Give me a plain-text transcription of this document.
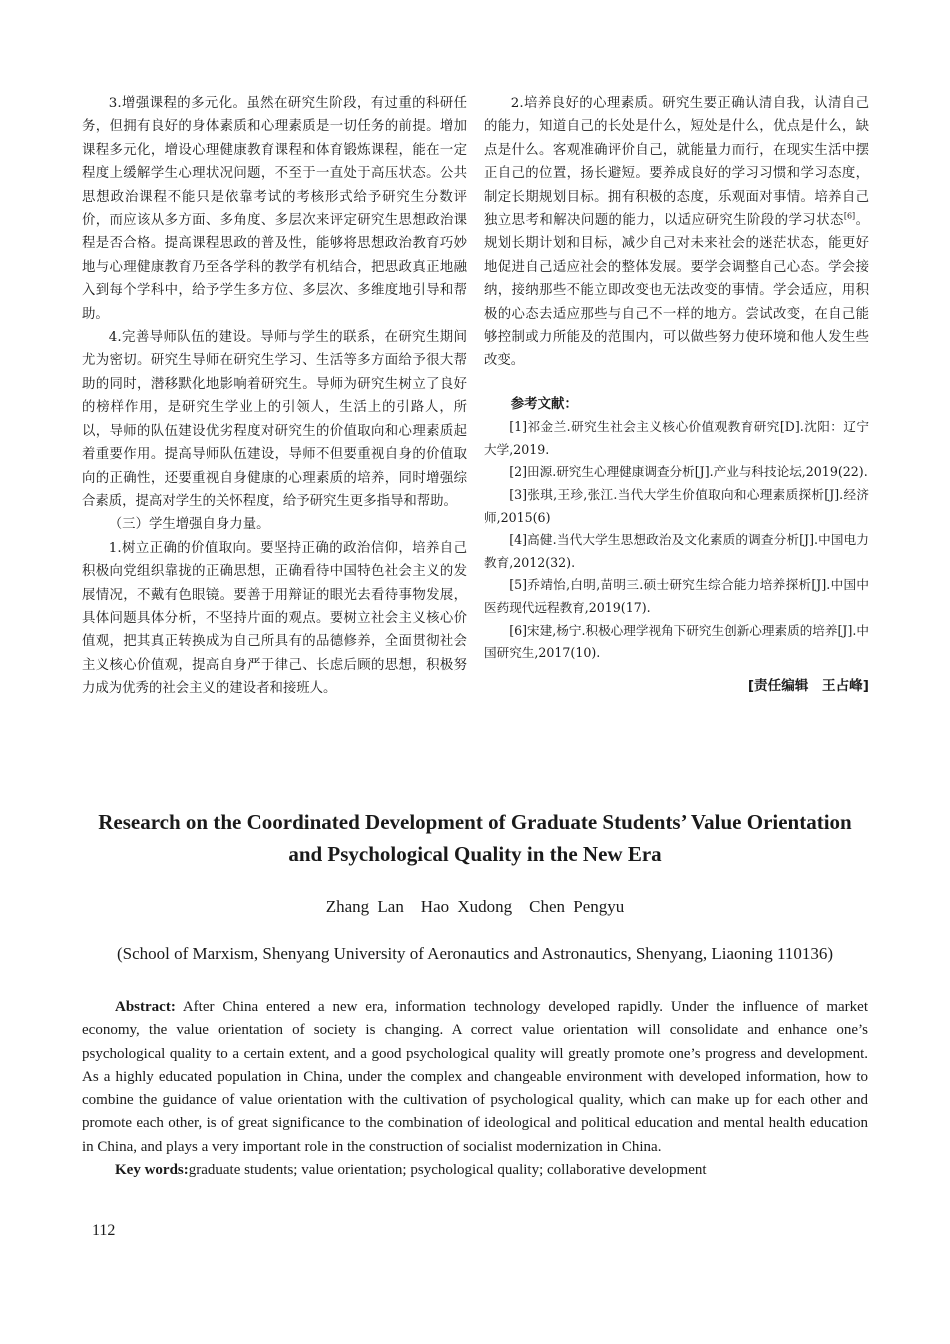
3.增强课程的多元化。虽然在研究生阶段，有过重的科研任务，但拥有良好的身体素质和心理素质是一切任务的前提。增加课程多元化，增设心理健康教育课程和体育锻炼课程，能在一定程度上缓解学生心理状况问题，不至于一直处于高压状态。公共思想政治课程不能只是依靠考试的考核形式给予研究生分数评价，而应该从多方面、多角度、多层次来评定研究生思想政治课程是否合格。提高课程思政的普及性，能够将思想政治教育巧妙地与心理健康教育乃至各学科的教学有机结合，把思政真正地融入到每个学科中，给予学生多方位、多层次、多维度地引导和帮助。

4.完善导师队伍的建设。导师与学生的联系，在研究生期间尤为密切。研究生导师在研究生学习、生活等多方面给予很大帮助的同时，潜移默化地影响着研究生。导师为研究生树立了良好的榜样作用，是研究生学业上的引领人，生活上的引路人，所以，导师的队伍建设优劣程度对研究生的价值取向和心理素质起着重要作用。提高导师队伍建设，导师不但要重视自身的价值取向的正确性，还要重视自身健康的心理素质的培养，同时增强综合素质，提高对学生的关怀程度，给予研究生更多指导和帮助。

（三）学生增强自身力量。

1.树立正确的价值取向。要坚持正确的政治信仰，培养自己积极向党组织靠拢的正确思想，正确看待中国特色社会主义的发展情况，不戴有色眼镜。要善于用辩证的眼光去看待事物发展，具体问题具体分析，不坚持片面的观点。要树立社会主义核心价值观，把其真正转换成为自己所具有的品德修养，全面贯彻社会主义核心价值观，提高自身严于律己、长虑后顾的思想，积极努力成为优秀的社会主义的建设者和接班人。

2.培养良好的心理素质。研究生要正确认清自我，认清自己的能力，知道自己的长处是什么，短处是什么，优点是什么，缺点是什么。客观准确评价自己，就能量力而行，在现实生活中摆正自己的位置，扬长避短。要养成良好的学习习惯和学习态度，制定长期规划目标。拥有积极的态度，乐观面对事情。培养自己独立思考和解决问题的能力，以适应研究生阶段的学习状态[6]。规划长期计划和目标，减少自己对未来社会的迷茫状态，能更好地促进自己适应社会的整体发展。要学会调整自己心态。学会接纳，接纳那些不能立即改变也无法改变的事情。学会适应，用积极的心态去适应那些与自己不一样的地方。尝试改变，在自己能够控制或力所能及的范围内，可以做些努力使环境和他人发生些改变。

参考文献：

[1]祁金兰.研究生社会主义核心价值观教育研究[D].沈阳：辽宁大学,2019.

[2]田源.研究生心理健康调查分析[J].产业与科技论坛,2019(22).

[3]张琪,王珍,张江.当代大学生价值取向和心理素质探析[J].经济师,2015(6)

[4]高健.当代大学生思想政治及文化素质的调查分析[J].中国电力教育,2012(32).

[5]乔靖怡,白明,苗明三.硕士研究生综合能力培养探析[J].中国中医药现代远程教育,2019(17).

[6]宋建,杨宁.积极心理学视角下研究生创新心理素质的培养[J].中国研究生,2017(10).

[责任编辑　王占峰]
Research on the Coordinated Development of Graduate Students’ Value Orientation
and Psychological Quality in the New Era
Zhang Lan　Hao Xudong　Chen Pengyu
(School of Marxism, Shenyang University of Aeronautics and Astronautics, Shenyang, Liaoning 110136)

Abstract: After China entered a new era, information technology developed rapidly. Under the influence of market economy, the value orientation of society is changing. A correct value orientation will consolidate and enhance one’s psychological quality to a certain extent, and a good psychological quality will greatly promote one’s progress and development. As a highly educated population in China, under the complex and changeable environment with developed information, how to combine the guidance of value orientation with the cultivation of psychological quality, which can make up for each other and promote each other, is of great significance to the combination of ideological and political education and mental health education in China, and plays a very important role in the construction of socialist modernization in China.

Key words:graduate students; value orientation; psychological quality; collaborative development

112
